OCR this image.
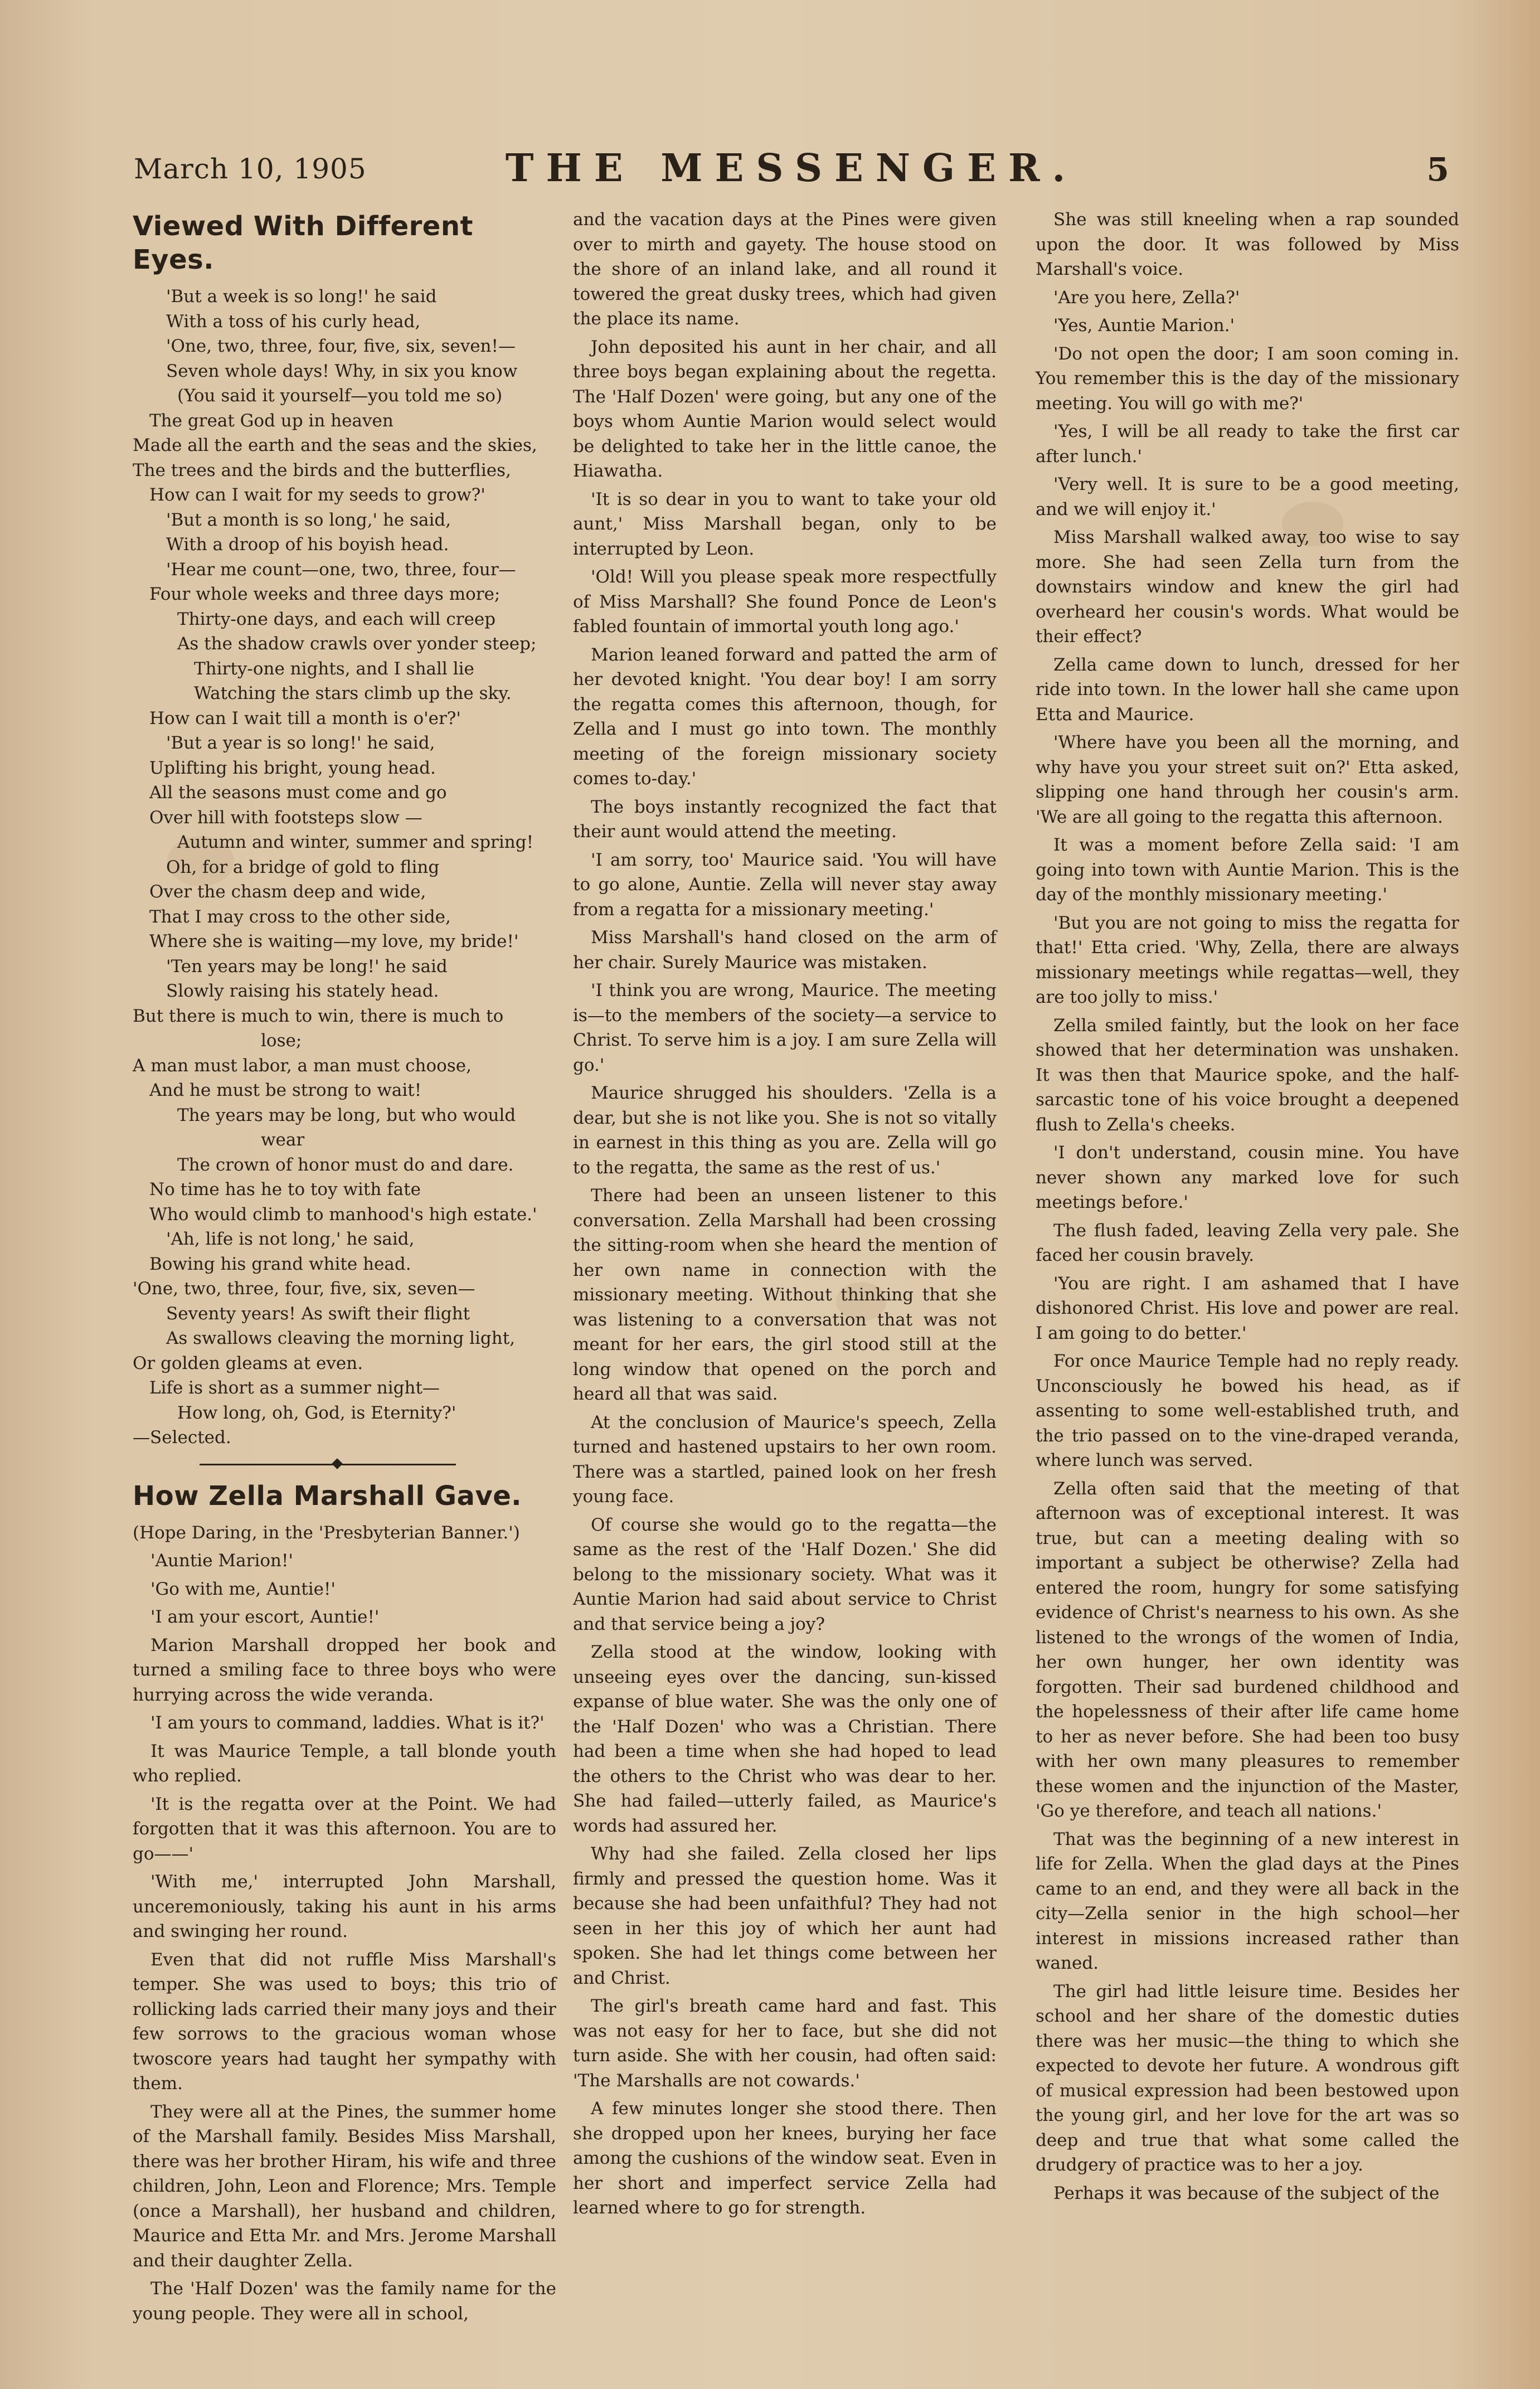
March 10, 1905	THE MESSENGER.	5
Viewed With Different Eyes.
'But a week is so long!' he said
With a toss of his curly head,
'One, two, three, four, five, six, seven!—
Seven whole days! Why, in six you know
(You said it yourself—you told me so)
The great God up in heaven
Made all the earth and the seas and the skies,
The trees and the birds and the butterflies,
How can I wait for my seeds to grow?'
'But a month is so long,' he said,
With a droop of his boyish head.
'Hear me count—one, two, three, four—
Four whole weeks and three days more;
Thirty-one days, and each will creep
As the shadow crawls over yonder steep;
Thirty-one nights, and I shall lie
Watching the stars climb up the sky.
How can I wait till a month is o'er?'
'But a year is so long!' he said,
Uplifting his bright, young head.
All the seasons must come and go
Over hill with footsteps slow —
Autumn and winter, summer and spring!
Oh, for a bridge of gold to fling
Over the chasm deep and wide,
That I may cross to the other side,
Where she is waiting—my love, my bride!'
'Ten years may be long!' he said
Slowly raising his stately head.
But there is much to win, there is much to
lose;
A man must labor, a man must choose,
And he must be strong to wait!
The years may be long, but who would
wear
The crown of honor must do and dare.
No time has he to toy with fate
Who would climb to manhood's high estate.'
'Ah, life is not long,' he said,
Bowing his grand white head.
'One, two, three, four, five, six, seven—
Seventy years! As swift their flight
As swallows cleaving the morning light,
Or golden gleams at even.
Life is short as a summer night—
How long, oh, God, is Eternity?'
—Selected.
How Zella Marshall Gave.

(Hope Daring, in the 'Presbyterian Banner.')

'Auntie Marion!'

'Go with me, Auntie!'

'I am your escort, Auntie!'

Marion Marshall dropped her book and turned a smiling face to three boys who were hurrying across the wide veranda.

'I am yours to command, laddies. What is it?'

It was Maurice Temple, a tall blonde youth who replied.

'It is the regatta over at the Point. We had forgotten that it was this afternoon. You are to go——'

'With me,' interrupted John Marshall, unceremoniously, taking his aunt in his arms and swinging her round.

Even that did not ruffle Miss Marshall's temper. She was used to boys; this trio of rollicking lads carried their many joys and their few sorrows to the gracious woman whose twoscore years had taught her sympathy with them.

They were all at the Pines, the summer home of the Marshall family. Besides Miss Marshall, there was her brother Hiram, his wife and three children, John, Leon and Florence; Mrs. Temple (once a Marshall), her husband and children, Maurice and Etta Mr. and Mrs. Jerome Marshall and their daughter Zella.

The 'Half Dozen' was the family name for the young people. They were all in school,

and the vacation days at the Pines were given over to mirth and gayety. The house stood on the shore of an inland lake, and all round it towered the great dusky trees, which had given the place its name.

John deposited his aunt in her chair, and all three boys began explaining about the regetta. The 'Half Dozen' were going, but any one of the boys whom Auntie Marion would select would be delighted to take her in the little canoe, the Hiawatha.

'It is so dear in you to want to take your old aunt,' Miss Marshall began, only to be interrupted by Leon.

'Old! Will you please speak more respectfully of Miss Marshall? She found Ponce de Leon's fabled fountain of immortal youth long ago.'

Marion leaned forward and patted the arm of her devoted knight. 'You dear boy! I am sorry the regatta comes this afternoon, though, for Zella and I must go into town. The monthly meeting of the foreign missionary society comes to-day.'

The boys instantly recognized the fact that their aunt would attend the meeting.

'I am sorry, too' Maurice said. 'You will have to go alone, Auntie. Zella will never stay away from a regatta for a missionary meeting.'

Miss Marshall's hand closed on the arm of her chair. Surely Maurice was mistaken.

'I think you are wrong, Maurice. The meeting is—to the members of the society—a service to Christ. To serve him is a joy. I am sure Zella will go.'

Maurice shrugged his shoulders. 'Zella is a dear, but she is not like you. She is not so vitally in earnest in this thing as you are. Zella will go to the regatta, the same as the rest of us.'

There had been an unseen listener to this conversation. Zella Marshall had been crossing the sitting-room when she heard the mention of her own name in connection with the missionary meeting. Without thinking that she was listening to a conversation that was not meant for her ears, the girl stood still at the long window that opened on the porch and heard all that was said.

At the conclusion of Maurice's speech, Zella turned and hastened upstairs to her own room. There was a startled, pained look on her fresh young face.

Of course she would go to the regatta—the same as the rest of the 'Half Dozen.' She did belong to the missionary society. What was it Auntie Marion had said about service to Christ and that service being a joy?

Zella stood at the window, looking with unseeing eyes over the dancing, sun-kissed expanse of blue water. She was the only one of the 'Half Dozen' who was a Christian. There had been a time when she had hoped to lead the others to the Christ who was dear to her. She had failed—utterly failed, as Maurice's words had assured her.

Why had she failed. Zella closed her lips firmly and pressed the question home. Was it because she had been unfaithful? They had not seen in her this joy of which her aunt had spoken. She had let things come between her and Christ.

The girl's breath came hard and fast. This was not easy for her to face, but she did not turn aside. She with her cousin, had often said: 'The Marshalls are not cowards.'

A few minutes longer she stood there. Then she dropped upon her knees, burying her face among the cushions of the window seat. Even in her short and imperfect service Zella had learned where to go for strength.

She was still kneeling when a rap sounded upon the door. It was followed by Miss Marshall's voice.

'Are you here, Zella?'

'Yes, Auntie Marion.'

'Do not open the door; I am soon coming in. You remember this is the day of the missionary meeting. You will go with me?'

'Yes, I will be all ready to take the first car after lunch.'

'Very well. It is sure to be a good meeting, and we will enjoy it.'

Miss Marshall walked away, too wise to say more. She had seen Zella turn from the downstairs window and knew the girl had overheard her cousin's words. What would be their effect?

Zella came down to lunch, dressed for her ride into town. In the lower hall she came upon Etta and Maurice.

'Where have you been all the morning, and why have you your street suit on?' Etta asked, slipping one hand through her cousin's arm. 'We are all going to the regatta this afternoon.

It was a moment before Zella said: 'I am going into town with Auntie Marion. This is the day of the monthly missionary meeting.'

'But you are not going to miss the regatta for that!' Etta cried. 'Why, Zella, there are always missionary meetings while regattas—well, they are too jolly to miss.'

Zella smiled faintly, but the look on her face showed that her determination was unshaken. It was then that Maurice spoke, and the half-sarcastic tone of his voice brought a deepened flush to Zella's cheeks.

'I don't understand, cousin mine. You have never shown any marked love for such meetings before.'

The flush faded, leaving Zella very pale. She faced her cousin bravely.

'You are right. I am ashamed that I have dishonored Christ. His love and power are real. I am going to do better.'

For once Maurice Temple had no reply ready. Unconsciously he bowed his head, as if assenting to some well-established truth, and the trio passed on to the vine-draped veranda, where lunch was served.

Zella often said that the meeting of that afternoon was of exceptional interest. It was true, but can a meeting dealing with so important a subject be otherwise? Zella had entered the room, hungry for some satisfying evidence of Christ's nearness to his own. As she listened to the wrongs of the women of India, her own hunger, her own identity was forgotten. Their sad burdened childhood and the hopelessness of their after life came home to her as never before. She had been too busy with her own many pleasures to remember these women and the injunction of the Master, 'Go ye therefore, and teach all nations.'

That was the beginning of a new interest in life for Zella. When the glad days at the Pines came to an end, and they were all back in the city—Zella senior in the high school—her interest in missions increased rather than waned.

The girl had little leisure time. Besides her school and her share of the domestic duties there was her music—the thing to which she expected to devote her future. A wondrous gift of musical expression had been bestowed upon the young girl, and her love for the art was so deep and true that what some called the drudgery of practice was to her a joy.

Perhaps it was because of the subject of the
